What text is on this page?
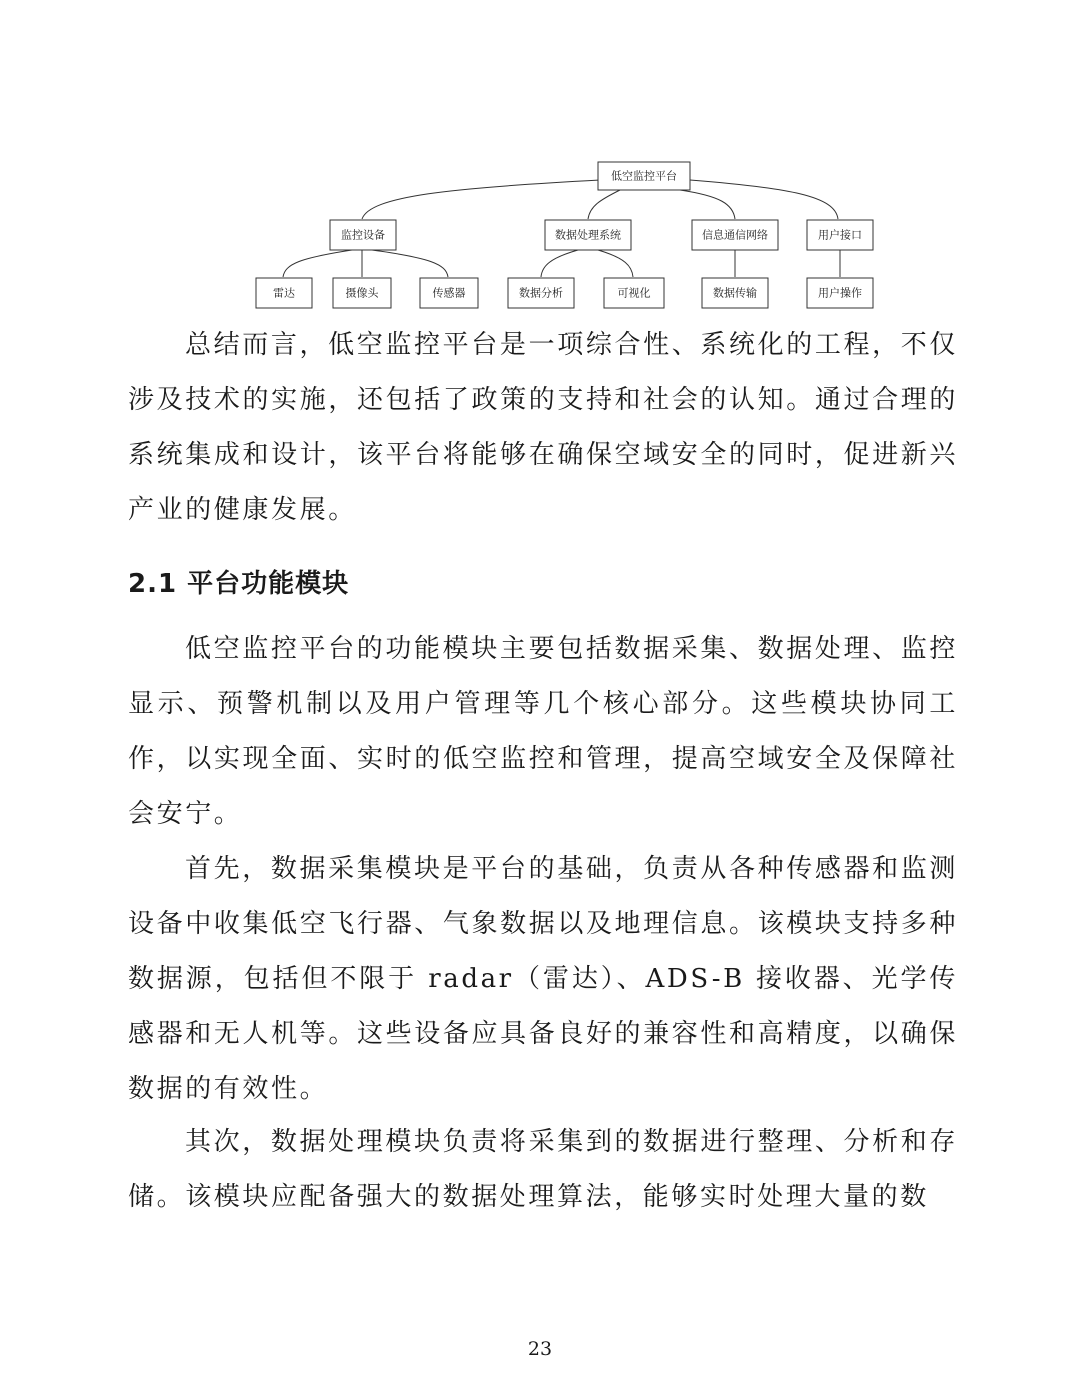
低空监控平台
监控设备	数据处理系统	信息通信网络	用户接口
雷达	摄像头	传感器	数据分析	可视化	数据传输	用户操作

总结而言，低空监控平台是一项综合性、系统化的工程，不仅涉及技术的实施，还包括了政策的支持和社会的认知。通过合理的系统集成和设计，该平台将能够在确保空域安全的同时，促进新兴产业的健康发展。

2.1 平台功能模块

低空监控平台的功能模块主要包括数据采集、数据处理、监控显示、预警机制以及用户管理等几个核心部分。这些模块协同工作，以实现全面、实时的低空监控和管理，提高空域安全及保障社会安宁。

首先，数据采集模块是平台的基础，负责从各种传感器和监测设备中收集低空飞行器、气象数据以及地理信息。该模块支持多种数据源，包括但不限于 radar（雷达）、ADS-B 接收器、光学传感器和无人机等。这些设备应具备良好的兼容性和高精度，以确保数据的有效性。

其次，数据处理模块负责将采集到的数据进行整理、分析和存储。该模块应配备强大的数据处理算法，能够实时处理大量的数

23
